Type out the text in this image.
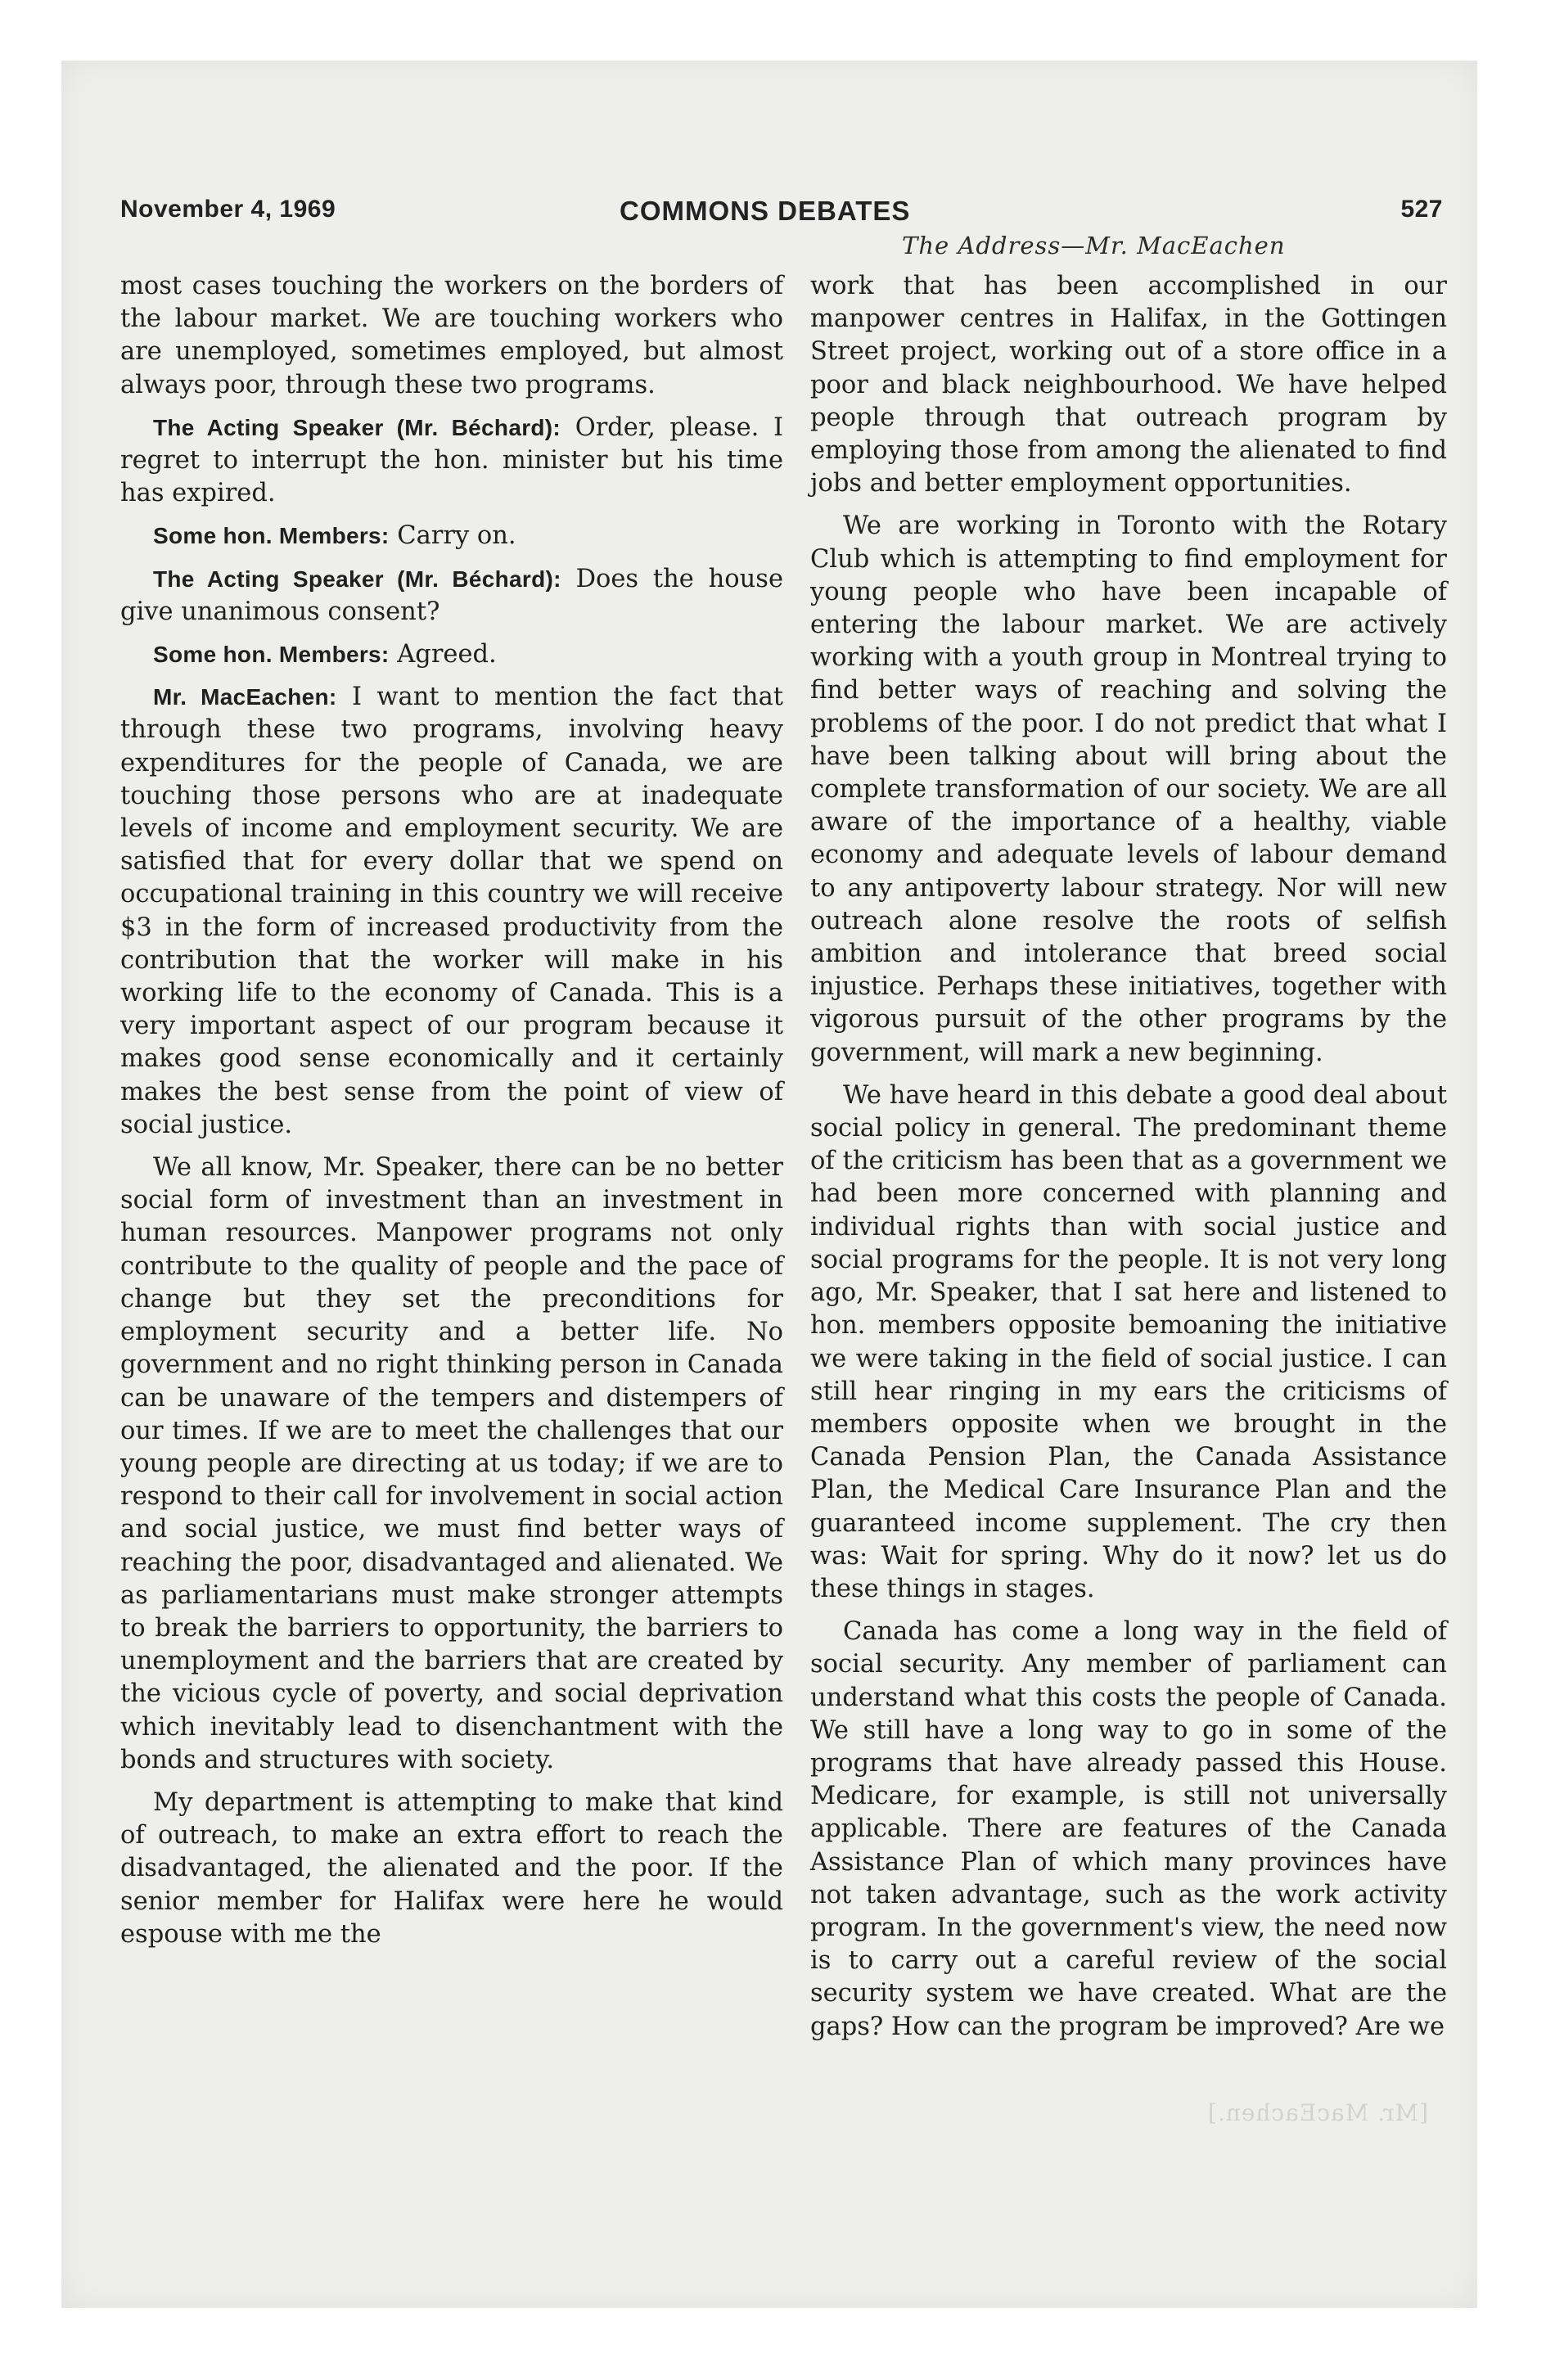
November 4, 1969	COMMONS DEBATES	527
The Address—Mr. MacEachen

most cases touching the workers on the borders of the labour market. We are touching workers who are unemployed, sometimes employed, but almost always poor, through these two programs.

The Acting Speaker (Mr. Béchard): Order, please. I regret to interrupt the hon. minister but his time has expired.

Some hon. Members: Carry on.

The Acting Speaker (Mr. Béchard): Does the house give unanimous consent?

Some hon. Members: Agreed.

Mr. MacEachen: I want to mention the fact that through these two programs, involving heavy expenditures for the people of Canada, we are touching those persons who are at inadequate levels of income and employment security. We are satisfied that for every dollar that we spend on occupational training in this country we will receive $3 in the form of increased productivity from the contribution that the worker will make in his working life to the economy of Canada. This is a very important aspect of our program because it makes good sense economically and it certainly makes the best sense from the point of view of social justice.

We all know, Mr. Speaker, there can be no better social form of investment than an investment in human resources. Manpower programs not only contribute to the quality of people and the pace of change but they set the preconditions for employment security and a better life. No government and no right thinking person in Canada can be unaware of the tempers and distempers of our times. If we are to meet the challenges that our young people are directing at us today; if we are to respond to their call for involvement in social action and social justice, we must find better ways of reaching the poor, disadvantaged and alienated. We as parliamentarians must make stronger attempts to break the barriers to opportunity, the barriers to unemployment and the barriers that are created by the vicious cycle of poverty, and social deprivation which inevitably lead to disenchantment with the bonds and structures with society.

My department is attempting to make that kind of outreach, to make an extra effort to reach the disadvantaged, the alienated and the poor. If the senior member for Halifax were here he would espouse with me the

work that has been accomplished in our manpower centres in Halifax, in the Gottingen Street project, working out of a store office in a poor and black neighbourhood. We have helped people through that outreach program by employing those from among the alienated to find jobs and better employment opportunities.

We are working in Toronto with the Rotary Club which is attempting to find employment for young people who have been incapable of entering the labour market. We are actively working with a youth group in Montreal trying to find better ways of reaching and solving the problems of the poor. I do not predict that what I have been talking about will bring about the complete transformation of our society. We are all aware of the importance of a healthy, viable economy and adequate levels of labour demand to any antipoverty labour strategy. Nor will new outreach alone resolve the roots of selfish ambition and intolerance that breed social injustice. Perhaps these initiatives, together with vigorous pursuit of the other programs by the government, will mark a new beginning.

We have heard in this debate a good deal about social policy in general. The predominant theme of the criticism has been that as a government we had been more concerned with planning and individual rights than with social justice and social programs for the people. It is not very long ago, Mr. Speaker, that I sat here and listened to hon. members opposite bemoaning the initiative we were taking in the field of social justice. I can still hear ringing in my ears the criticisms of members opposite when we brought in the Canada Pension Plan, the Canada Assistance Plan, the Medical Care Insurance Plan and the guaranteed income supplement. The cry then was: Wait for spring. Why do it now? let us do these things in stages.

Canada has come a long way in the field of social security. Any member of parliament can understand what this costs the people of Canada. We still have a long way to go in some of the programs that have already passed this House. Medicare, for example, is still not universally applicable. There are features of the Canada Assistance Plan of which many provinces have not taken advantage, such as the work activity program. In the government's view, the need now is to carry out a careful review of the social security system we have created. What are the gaps? How can the program be improved? Are we

[Mr. MacEachen.]
